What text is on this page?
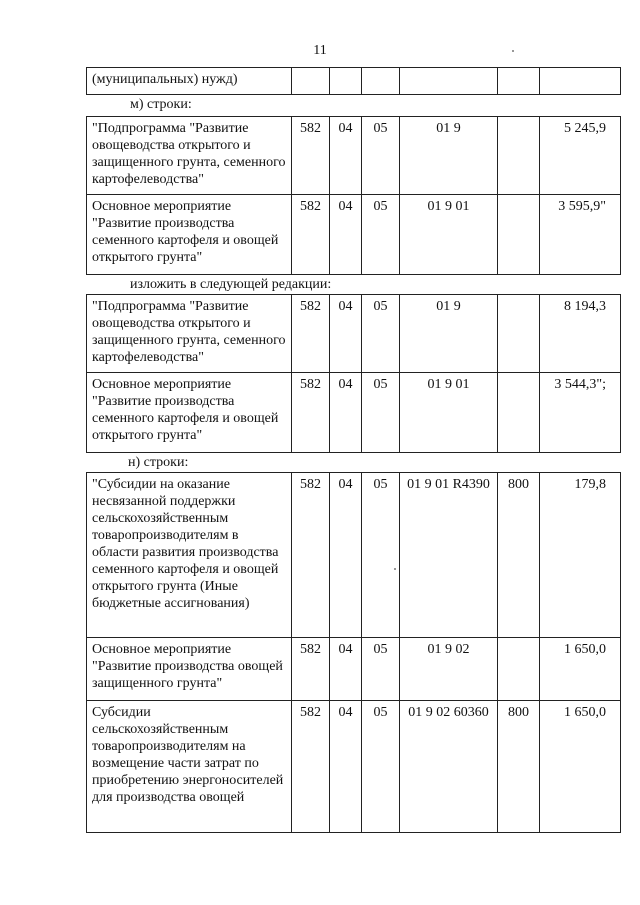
11
(муниципальных) нужд)						
м) строки:
"Подпрограмма "Развитие овощеводства открытого и защищенного грунта, семенного картофелеводства"	582	04	05	01 9		5 245,9
Основное мероприятие "Развитие производства семенного картофеля и овощей открытого грунта"	582	04	05	01 9 01		3 595,9"
изложить в следующей редакции:
"Подпрограмма "Развитие овощеводства открытого и защищенного грунта, семенного картофелеводства"	582	04	05	01 9		8 194,3
Основное мероприятие "Развитие производства семенного картофеля и овощей открытого грунта"	582	04	05	01 9 01		3 544,3";
н) строки:
"Субсидии на оказание несвязанной поддержки сельскохозяйственным товаропроизводителям в области развития производства семенного картофеля и овощей открытого грунта (Иные бюджетные ассигнования)	582	04	05	01 9 01 R4390	800	179,8
Основное мероприятие "Развитие производства овощей защищенного грунта"	582	04	05	01 9 02		1 650,0
Субсидии сельскохозяйственным товаропроизводителям на возмещение части затрат по приобретению энергоносителей для производства овощей	582	04	05	01 9 02 60360	800	1 650,0
